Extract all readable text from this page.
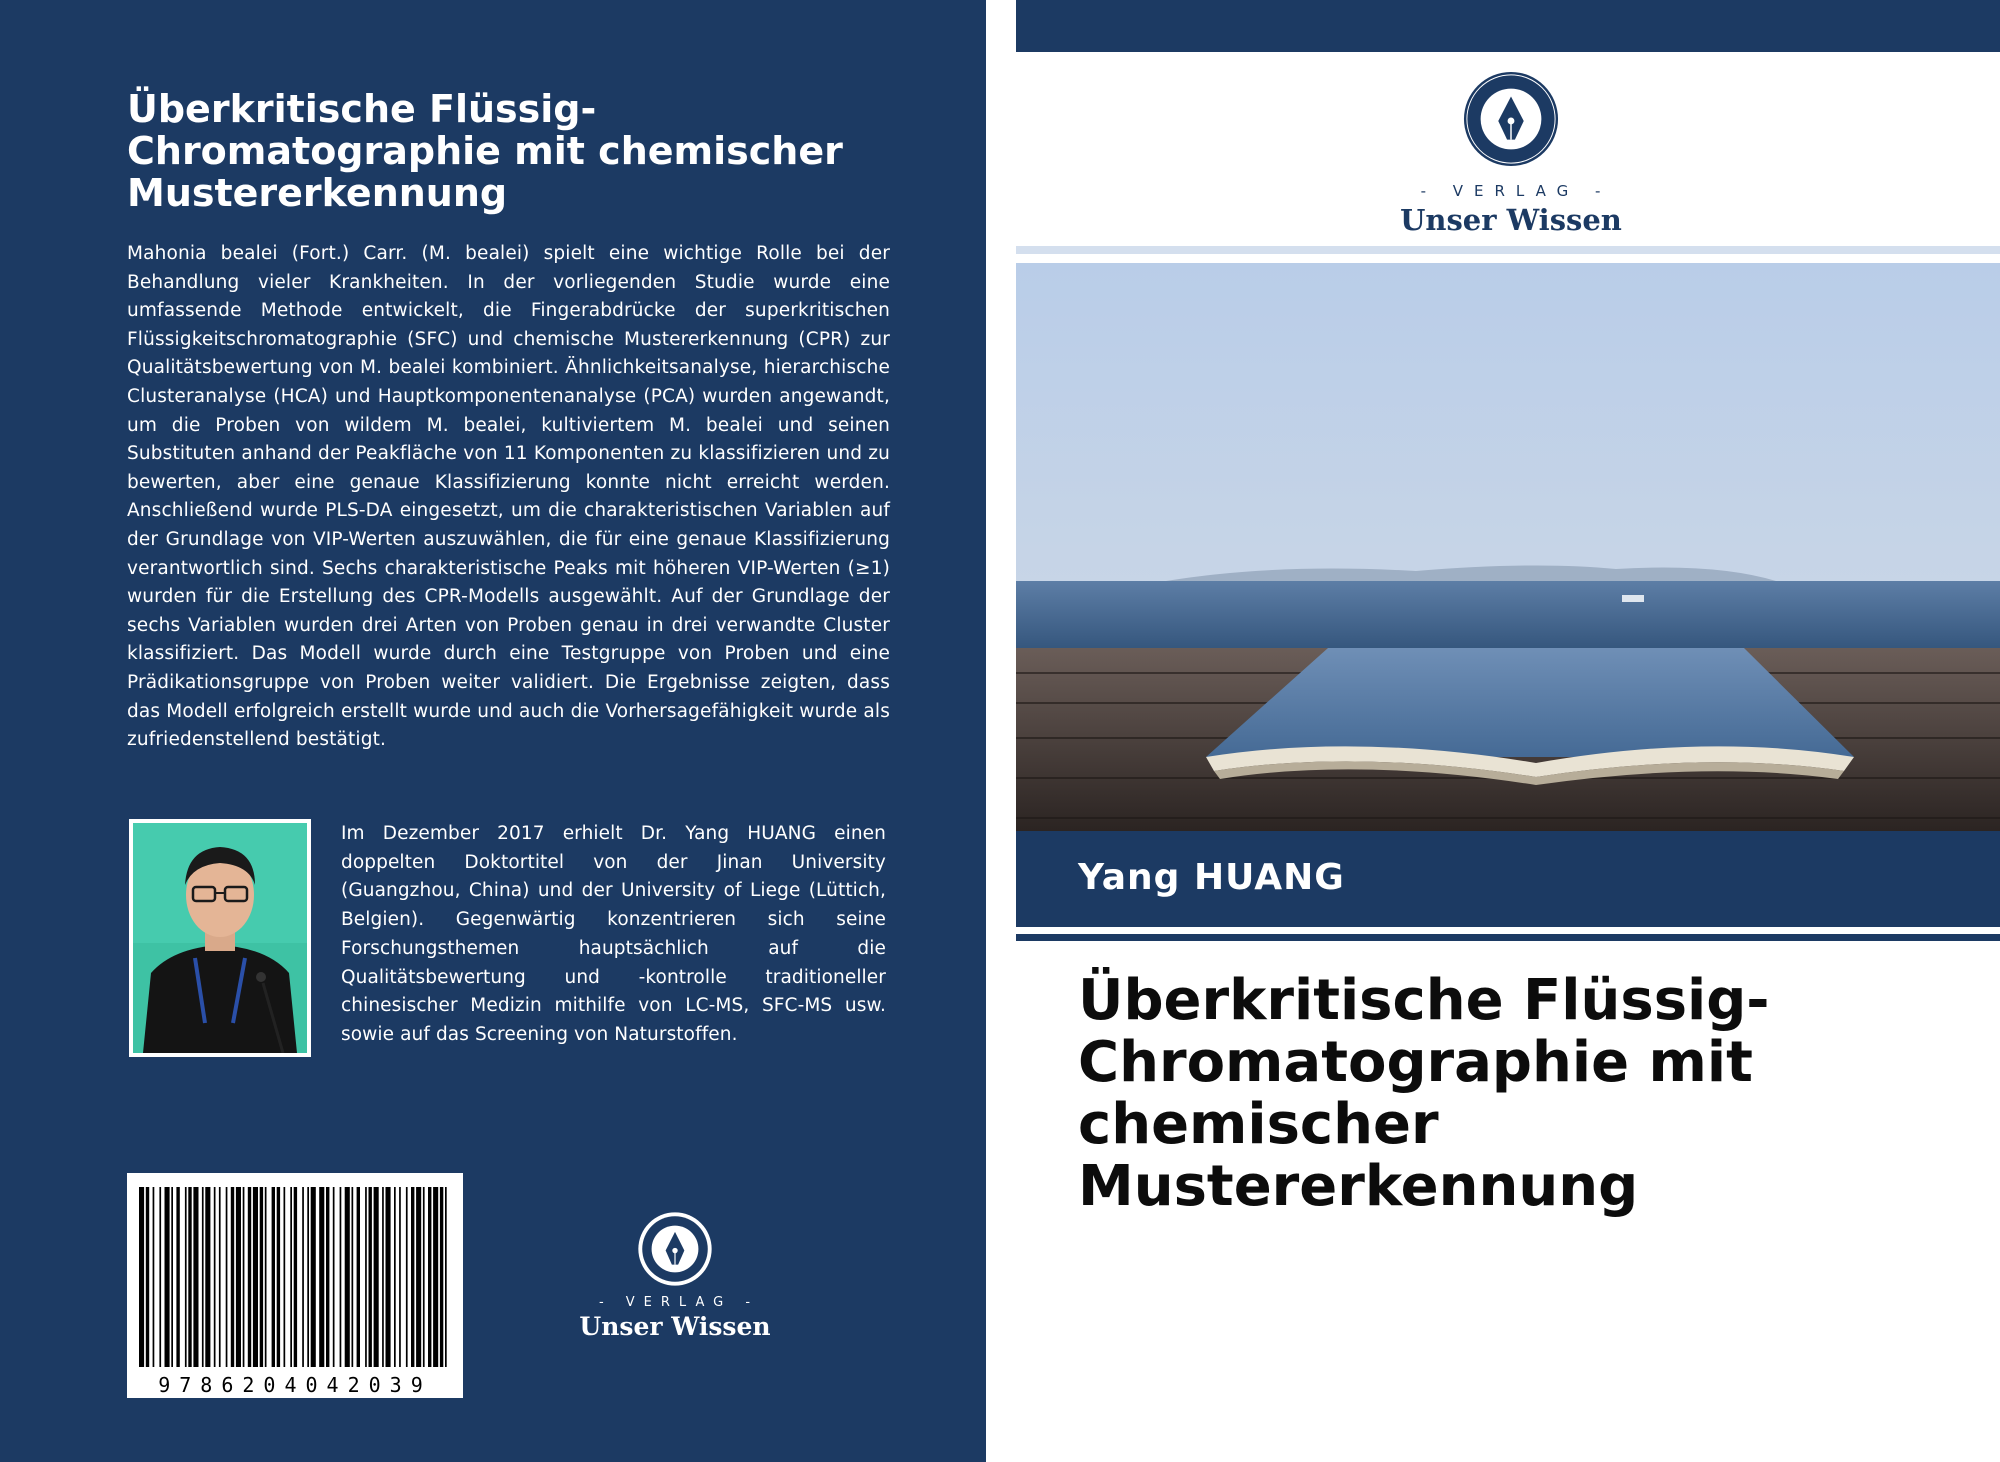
Überkritische Flüssig-Chromatographie mit chemischer Mustererkennung

Mahonia bealei (Fort.) Carr. (M. bealei) spielt eine wichtige Rolle bei der Behandlung vieler Krankheiten. In der vorliegenden Studie wurde eine umfassende Methode entwickelt, die Fingerabdrücke der superkritischen Flüssigkeitschromatographie (SFC) und chemische Mustererkennung (CPR) zur Qualitätsbewertung von M. bealei kombiniert. Ähnlichkeitsanalyse, hierarchische Clusteranalyse (HCA) und Hauptkomponentenanalyse (PCA) wurden angewandt, um die Proben von wildem M. bealei, kultiviertem M. bealei und seinen Substituten anhand der Peakfläche von 11 Komponenten zu klassifizieren und zu bewerten, aber eine genaue Klassifizierung konnte nicht erreicht werden. Anschließend wurde PLS-DA eingesetzt, um die charakteristischen Variablen auf der Grundlage von VIP-Werten auszuwählen, die für eine genaue Klassifizierung verantwortlich sind. Sechs charakteristische Peaks mit höheren VIP-Werten (≥1) wurden für die Erstellung des CPR-Modells ausgewählt. Auf der Grundlage der sechs Variablen wurden drei Arten von Proben genau in drei verwandte Cluster klassifiziert. Das Modell wurde durch eine Testgruppe von Proben und eine Prädikationsgruppe von Proben weiter validiert. Die Ergebnisse zeigten, dass das Modell erfolgreich erstellt wurde und auch die Vorhersagefähigkeit wurde als zufriedenstellend bestätigt.

Im Dezember 2017 erhielt Dr. Yang HUANG einen doppelten Doktortitel von der Jinan University (Guangzhou, China) und der University of Liege (Lüttich, Belgien). Gegenwärtig konzentrieren sich seine Forschungsthemen hauptsächlich auf die Qualitätsbewertung und -kontrolle traditioneller chinesischer Medizin mithilfe von LC-MS, SFC-MS usw. sowie auf das Screening von Naturstoffen.

9786204042039
- VERLAG -
Unser Wissen
- VERLAG -
Unser Wissen
Yang HUANG
Überkritische Flüssig-Chromatographie mit chemischer Mustererkennung
